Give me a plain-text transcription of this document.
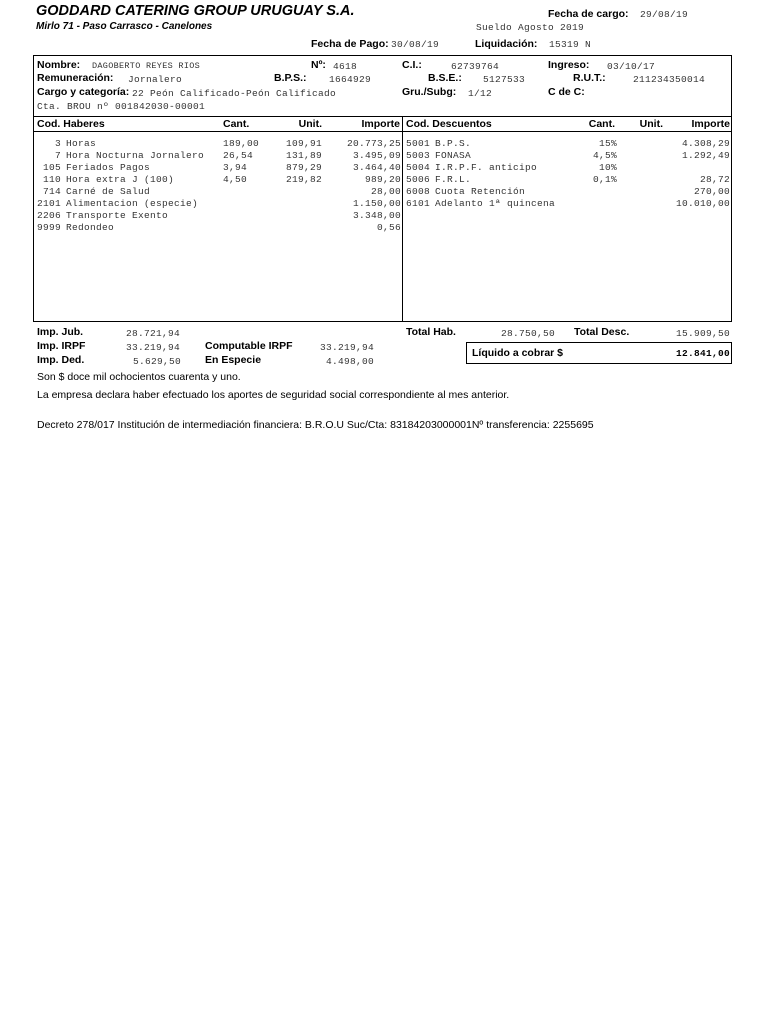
GODDARD CATERING GROUP URUGUAY S.A.
Mirlo 71 - Paso Carrasco - Canelones
Fecha de cargo: 29/08/19
Sueldo Agosto 2019
Fecha de Pago: 30/08/19	Liquidación: 15319 N
Nombre: DAGOBERTO REYES RIOS	Nº: 4618	C.I.:	62739764	Ingreso: 03/10/17
Remuneración: Jornalero	B.P.S.: 1664929	B.S.E.: 5127533	R.U.T.:	211234350014
Cargo y categoría: 22 Peón Calificado-Peón Calificado	Gru./Subg: 1/12	C de C:
Cta. BROU nº 001842030-00001
Cod. Haberes	Cant.	Unit.	Importe Cod. Descuentos	Cant.	Unit.	Importe
3 Horas	189,00	109,91	20.773,25
7 Hora Nocturna Jornalero 26,54	131,89	3.495,09
105 Feriados Pagos	3,94	879,29	3.464,40
110 Hora extra J (100)	4,50	219,82	989,20
714 Carné de Salud	28,00
2101 Alimentacion (especie)	1.150,00
2206 Transporte Exento	3.348,00
9999 Redondeo	0,56
5001 B.P.S.	15%	4.308,29
5003 FONASA	4,5%	1.292,49
5004 I.R.P.F. anticipo	10%
5006 F.R.L.	0,1%	28,72
6008 Cuota Retención	270,00
6101 Adelanto 1ª quincena	10.010,00
Imp. Jub.	28.721,94
Imp. IRPF	33.219,94 Computable IRPF	33.219,94
Imp. Ded.	5.629,50 En Especie	4.498,00
Total Hab.	28.750,50 Total Desc.	15.909,50
Líquido a cobrar $	12.841,00
Son $ doce mil ochocientos cuarenta y uno.
La empresa declara haber efectuado los aportes de seguridad social correspondiente al mes anterior.
Decreto 278/017 Institución de intermediación financiera: B.R.O.U Suc/Cta: 83184203000001Nº transferencia: 2255695
